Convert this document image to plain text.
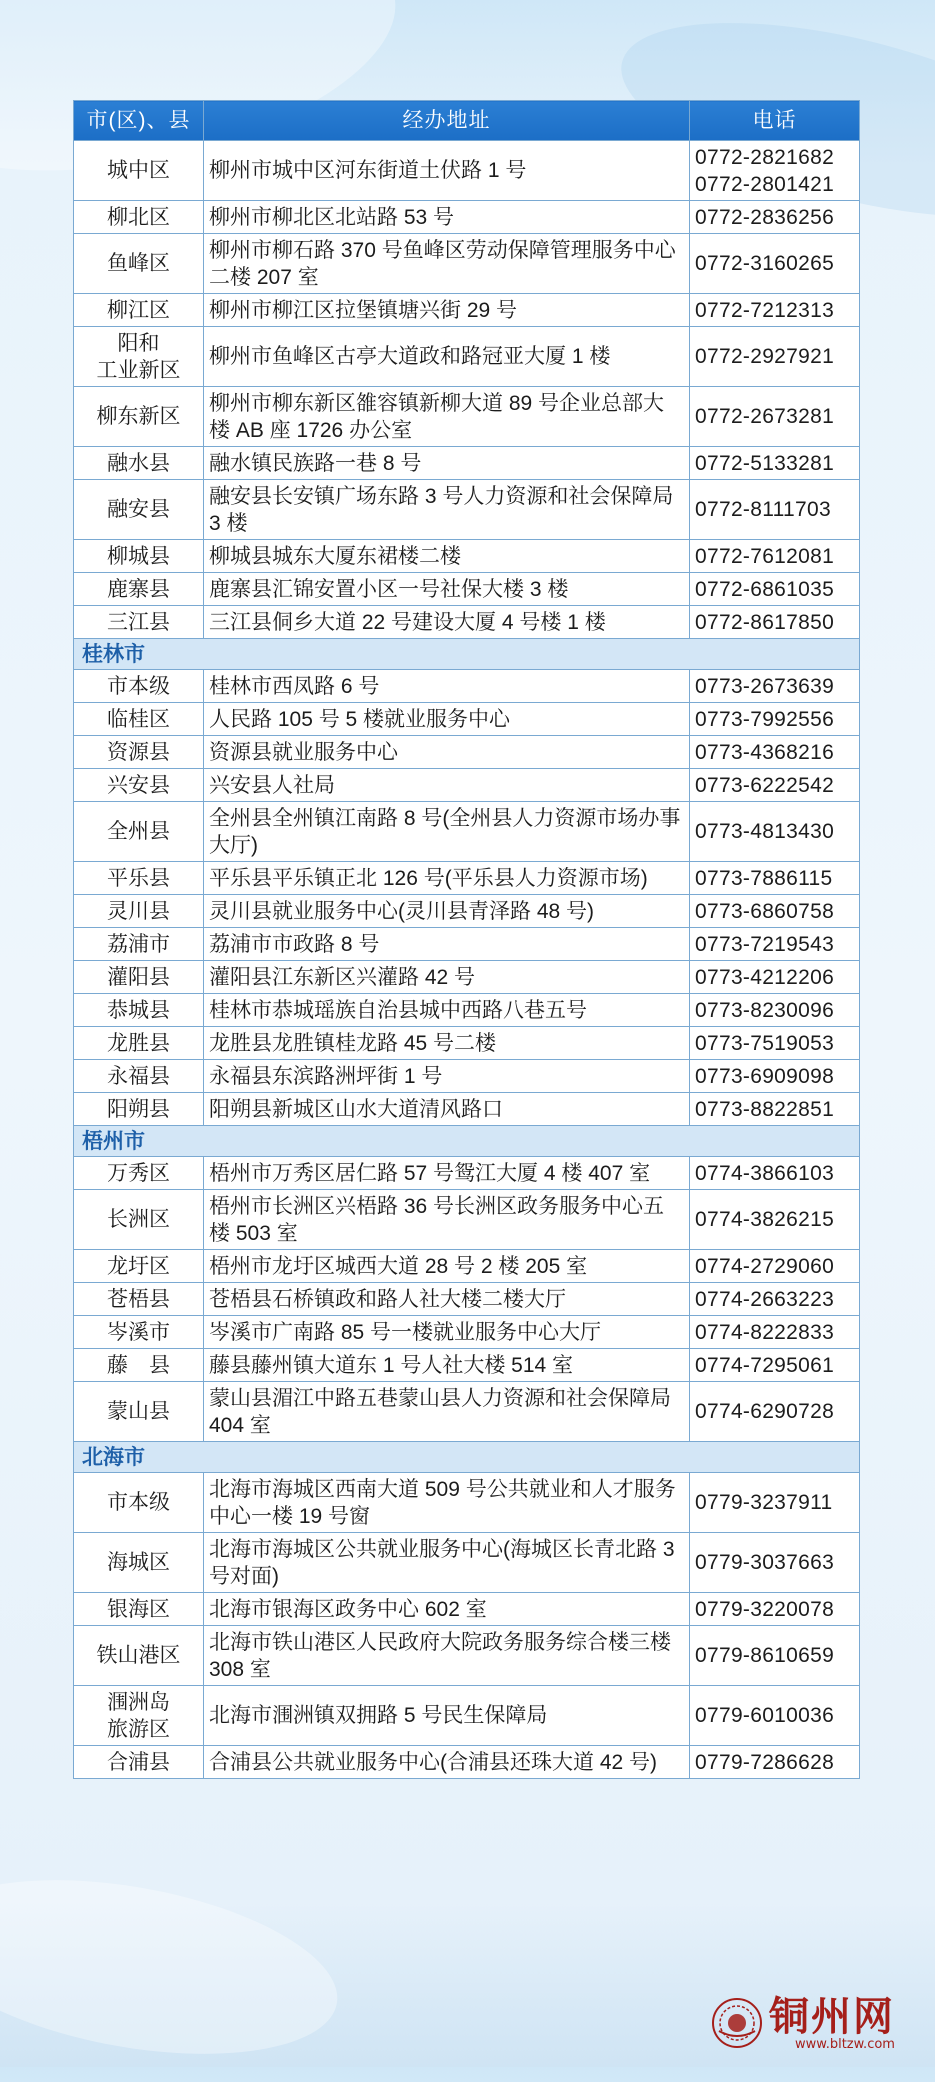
市(区)、县	经办地址	电话
城中区	柳州市城中区河东街道土伏路 1 号	0772-2821682
0772-2801421

柳北区	柳州市柳北区北站路 53 号	0772-2836256
鱼峰区	柳州市柳石路 370 号鱼峰区劳动保障管理服务中心二楼 207 室	0772-3160265
柳江区	柳州市柳江区拉堡镇塘兴街 29 号	0772-7212313

阳和
工业新区	柳州市鱼峰区古亭大道政和路冠亚大厦 1 楼	0772-2927921
柳东新区	柳州市柳东新区雒容镇新柳大道 89 号企业总部大楼 AB 座 1726 办公室	0772-2673281
融水县	融水镇民族路一巷 8 号	0772-5133281
融安县	融安县长安镇广场东路 3 号人力资源和社会保障局 3 楼	0772-8111703
柳城县	柳城县城东大厦东裙楼二楼	0772-7612081
鹿寨县	鹿寨县汇锦安置小区一号社保大楼 3 楼	0772-6861035
三江县	三江县侗乡大道 22 号建设大厦 4 号楼 1 楼	0772-8617850
桂林市		
市本级	桂林市西凤路 6 号	0773-2673639
临桂区	人民路 105 号 5 楼就业服务中心	0773-7992556
资源县	资源县就业服务中心	0773-4368216
兴安县	兴安县人社局	0773-6222542
全州县	全州县全州镇江南路 8 号(全州县人力资源市场办事大厅)	0773-4813430
平乐县	平乐县平乐镇正北 126 号(平乐县人力资源市场)	0773-7886115
灵川县	灵川县就业服务中心(灵川县青泽路 48 号)	0773-6860758
荔浦市	荔浦市市政路 8 号	0773-7219543
灌阳县	灌阳县江东新区兴灌路 42 号	0773-4212206
恭城县	桂林市恭城瑶族自治县城中西路八巷五号	0773-8230096
龙胜县	龙胜县龙胜镇桂龙路 45 号二楼	0773-7519053
永福县	永福县东滨路洲坪街 1 号	0773-6909098
阳朔县	阳朔县新城区山水大道清风路口	0773-8822851
梧州市		
万秀区	梧州市万秀区居仁路 57 号鸳江大厦 4 楼 407 室	0774-3866103
长洲区	梧州市长洲区兴梧路 36 号长洲区政务服务中心五楼 503 室	0774-3826215
龙圩区	梧州市龙圩区城西大道 28 号 2 楼 205 室	0774-2729060
苍梧县	苍梧县石桥镇政和路人社大楼二楼大厅	0774-2663223
岑溪市	岑溪市广南路 85 号一楼就业服务中心大厅	0774-8222833
藤　县	藤县藤州镇大道东 1 号人社大楼 514 室	0774-7295061
蒙山县	蒙山县湄江中路五巷蒙山县人力资源和社会保障局 404 室	0774-6290728
北海市		
市本级	北海市海城区西南大道 509 号公共就业和人才服务中心一楼 19 号窗	0779-3237911
海城区	北海市海城区公共就业服务中心(海城区长青北路 3 号对面)	0779-3037663
银海区	北海市银海区政务中心 602 室	0779-3220078
铁山港区	北海市铁山港区人民政府大院政务服务综合楼三楼 308 室	0779-8610659

涠洲岛
旅游区	北海市涠洲镇双拥路 5 号民生保障局	0779-6010036
合浦县	合浦县公共就业服务中心(合浦县还珠大道 42 号)	0779-7286628
铜州网
www.bltzw.com
